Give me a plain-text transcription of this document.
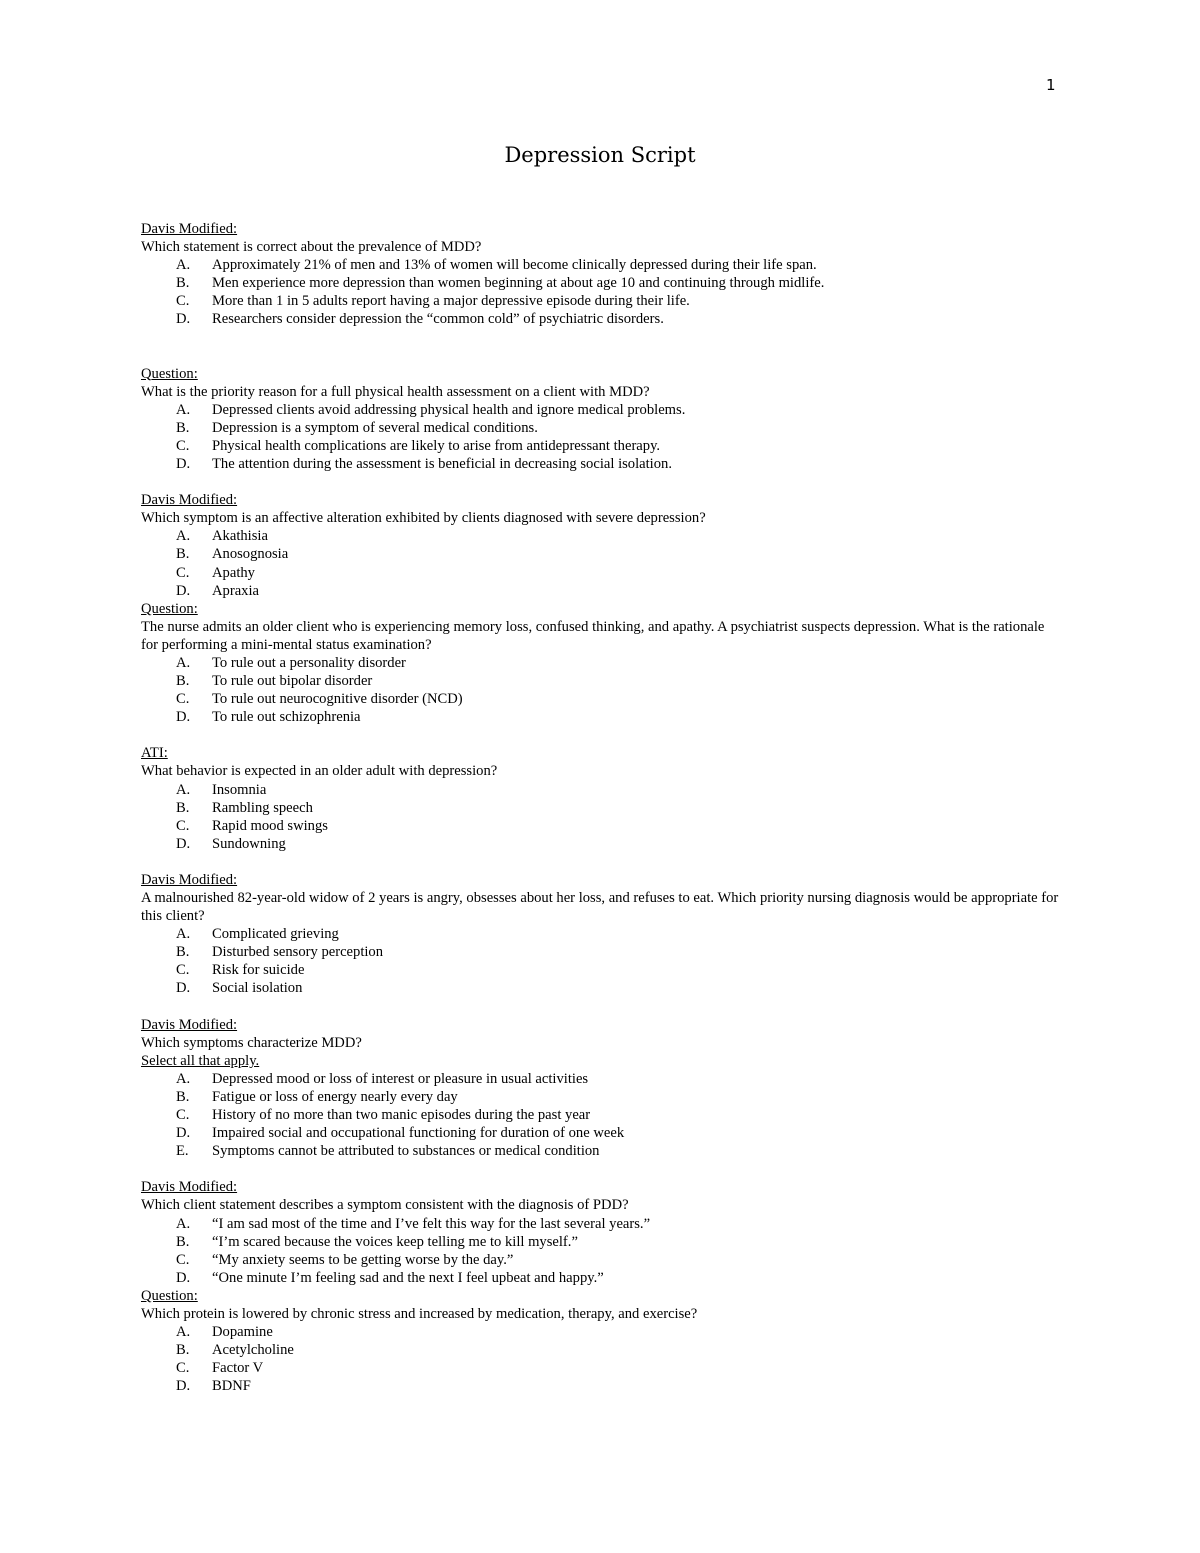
1
Depression Script
Davis Modified:
Which statement is correct about the prevalence of MDD?
A.	Approximately 21% of men and 13% of women will become clinically depressed during their life span.
B.	Men experience more depression than women beginning at about age 10 and continuing through midlife.
C.	More than 1 in 5 adults report having a major depressive episode during their life.
D.	Researchers consider depression the “common cold” of psychiatric disorders.
Question:
What is the priority reason for a full physical health assessment on a client with MDD?
A.	Depressed clients avoid addressing physical health and ignore medical problems.
B.	Depression is a symptom of several medical conditions.
C.	Physical health complications are likely to arise from antidepressant therapy.
D.	The attention during the assessment is beneficial in decreasing social isolation.
Davis Modified:
Which symptom is an affective alteration exhibited by clients diagnosed with severe depression?
A.	Akathisia
B.	Anosognosia
C.	Apathy
D.	Apraxia
Question:
The nurse admits an older client who is experiencing memory loss, confused thinking, and apathy. A psychiatrist suspects depression. What is the rationale for performing a mini-mental status examination?
A.	To rule out a personality disorder
B.	To rule out bipolar disorder
C.	To rule out neurocognitive disorder (NCD)
D.	To rule out schizophrenia
ATI:
What behavior is expected in an older adult with depression?
A.	Insomnia
B.	Rambling speech
C.	Rapid mood swings
D.	Sundowning
Davis Modified:
A malnourished 82-year-old widow of 2 years is angry, obsesses about her loss, and refuses to eat. Which priority nursing diagnosis would be appropriate for this client?
A.	Complicated grieving
B.	Disturbed sensory perception
C.	Risk for suicide
D.	Social isolation
Davis Modified:
Which symptoms characterize MDD?
Select all that apply.
A.	Depressed mood or loss of interest or pleasure in usual activities
B.	Fatigue or loss of energy nearly every day
C.	History of no more than two manic episodes during the past year
D.	Impaired social and occupational functioning for duration of one week
E.	Symptoms cannot be attributed to substances or medical condition
Davis Modified:
Which client statement describes a symptom consistent with the diagnosis of PDD?
A.	“I am sad most of the time and I’ve felt this way for the last several years.”
B.	“I’m scared because the voices keep telling me to kill myself.”
C.	“My anxiety seems to be getting worse by the day.”
D.	“One minute I’m feeling sad and the next I feel upbeat and happy.”
Question:
Which protein is lowered by chronic stress and increased by medication, therapy, and exercise?
A.	Dopamine
B.	Acetylcholine
C.	Factor V
D.	BDNF
